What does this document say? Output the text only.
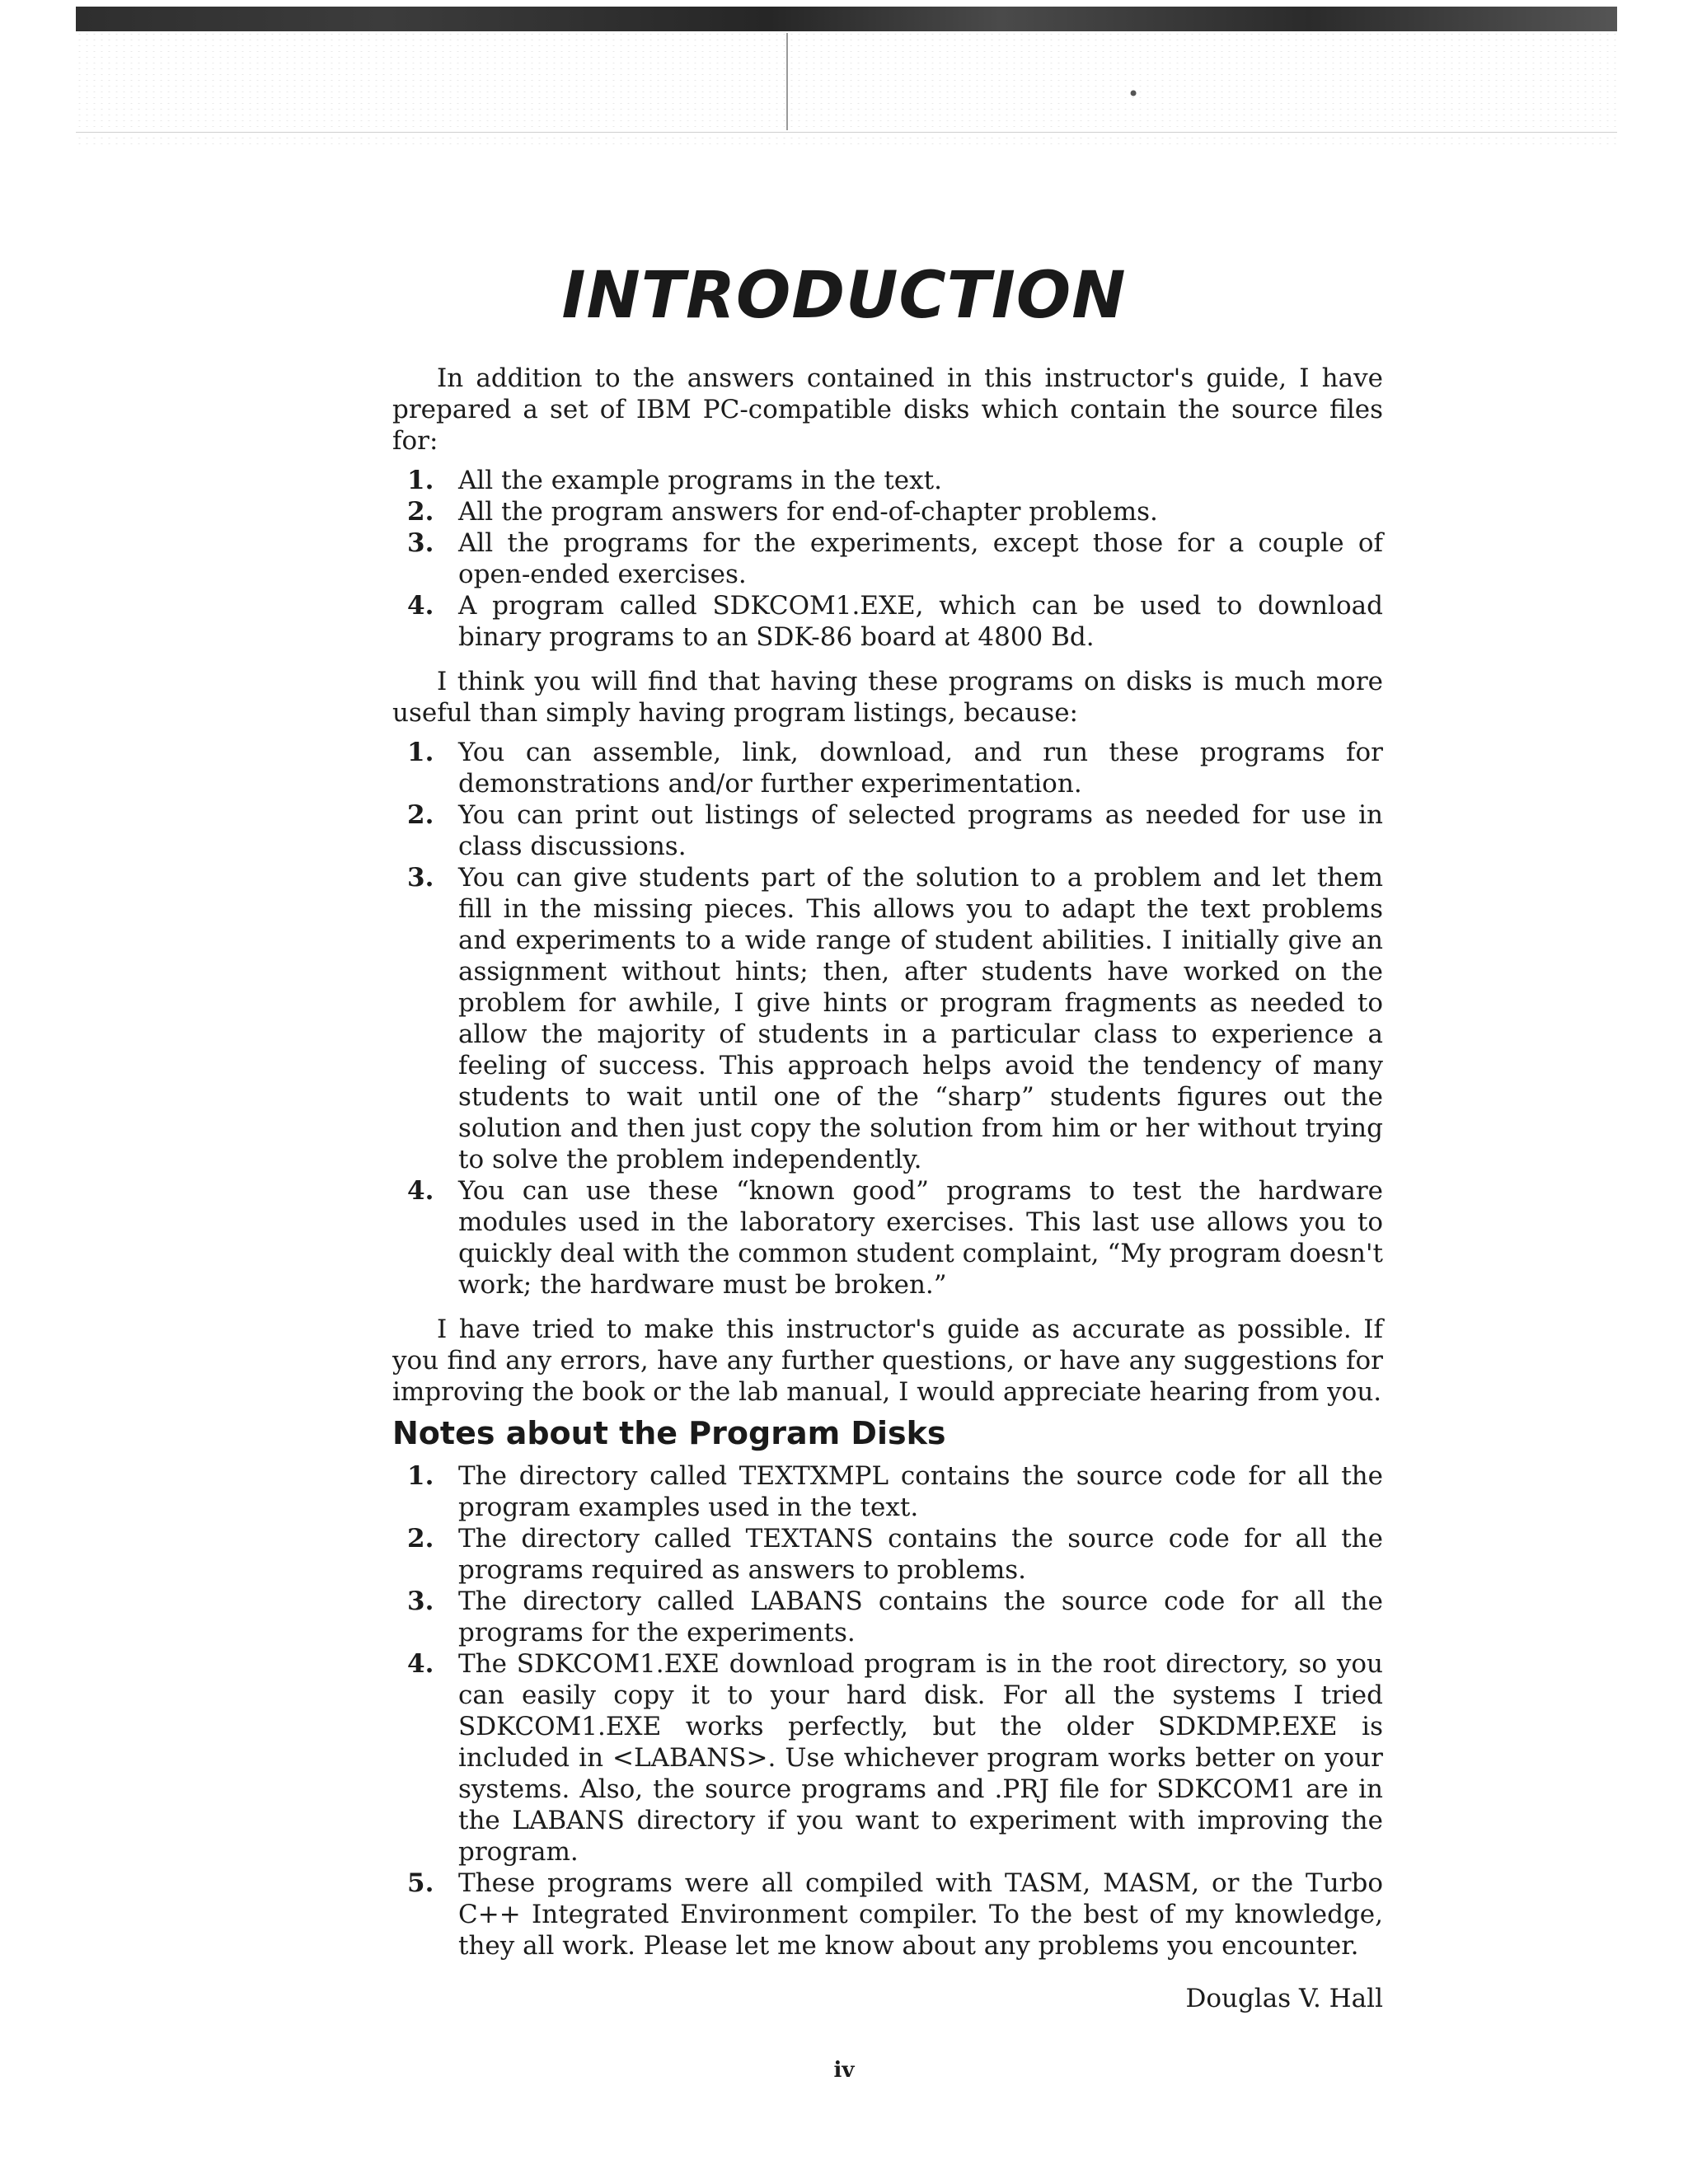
•
INTRODUCTION

In addition to the answers contained in this instructor's guide, I have prepared a set of IBM PC-compatible disks which contain the source files for:

1. All the example programs in the text.
2. All the program answers for end-of-chapter problems.
3. All the programs for the experiments, except those for a couple of open-ended exercises.
4. A program called SDKCOM1.EXE, which can be used to download binary programs to an SDK-86 board at 4800 Bd.

I think you will find that having these programs on disks is much more useful than simply having program listings, because:

1. You can assemble, link, download, and run these programs for demonstrations and/or further experimentation.
2. You can print out listings of selected programs as needed for use in class discussions.
3. You can give students part of the solution to a problem and let them fill in the missing pieces. This allows you to adapt the text problems and experiments to a wide range of student abilities. I initially give an assignment without hints; then, after students have worked on the problem for awhile, I give hints or program fragments as needed to allow the majority of students in a particular class to experience a feeling of success. This approach helps avoid the tendency of many students to wait until one of the “sharp” students figures out the solution and then just copy the solution from him or her without trying to solve the problem independently.
4. You can use these “known good” programs to test the hardware modules used in the laboratory exercises. This last use allows you to quickly deal with the common student complaint, “My program doesn't work; the hardware must be broken.”

I have tried to make this instructor's guide as accurate as possible. If you find any errors, have any further questions, or have any suggestions for improving the book or the lab manual, I would appreciate hearing from you.

Notes about the Program Disks
1. The directory called TEXTXMPL contains the source code for all the program examples used in the text.
2. The directory called TEXTANS contains the source code for all the programs required as answers to problems.
3. The directory called LABANS contains the source code for all the programs for the experiments.
4. The SDKCOM1.EXE download program is in the root directory, so you can easily copy it to your hard disk. For all the systems I tried SDKCOM1.EXE works perfectly, but the older SDKDMP.EXE is included in <LABANS>. Use whichever program works better on your systems. Also, the source programs and .PRJ file for SDKCOM1 are in the LABANS directory if you want to experiment with improving the program.
5. These programs were all compiled with TASM, MASM, or the Turbo C++ Integrated Environment compiler. To the best of my knowledge, they all work. Please let me know about any problems you encounter.
Douglas V. Hall
iv
